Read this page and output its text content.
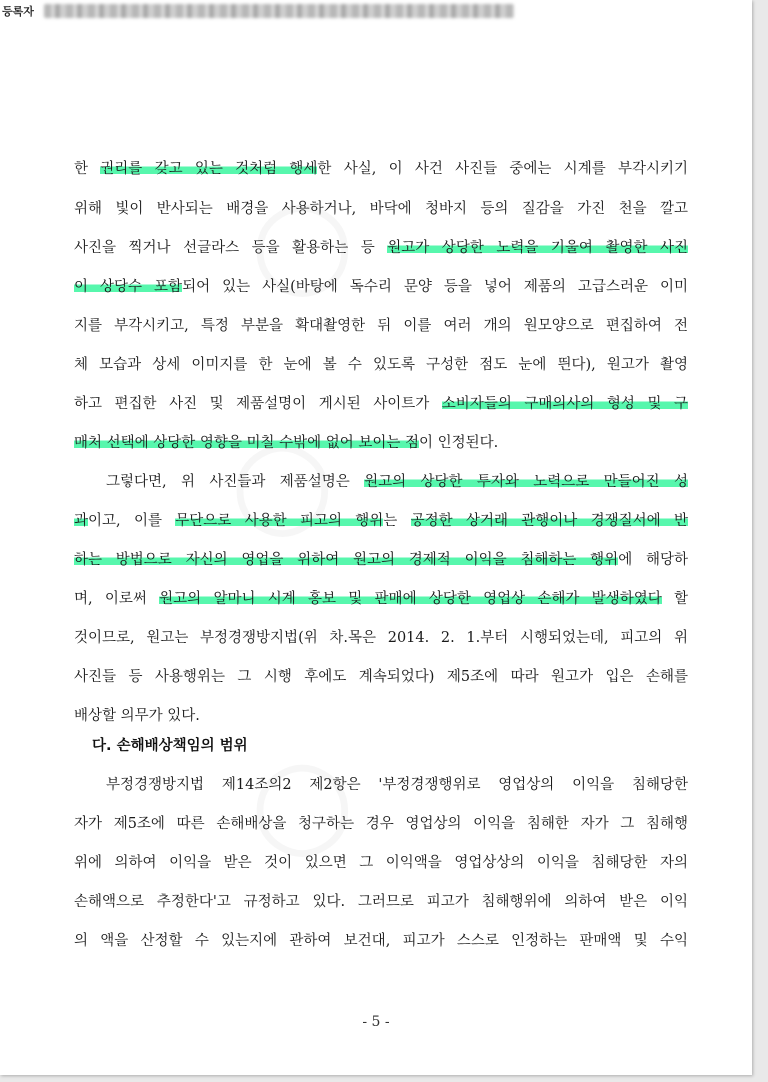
등록자
한 권리를 갖고 있는 것처럼 행세한 사실, 이 사건 사진들 중에는 시계를 부각시키기
위해 빛이 반사되는 배경을 사용하거나, 바닥에 청바지 등의 질감을 가진 천을 깔고
사진을 찍거나 선글라스 등을 활용하는 등 원고가 상당한 노력을 기울여 촬영한 사진
이 상당수 포함되어 있는 사실(바탕에 독수리 문양 등을 넣어 제품의 고급스러운 이미
지를 부각시키고, 특정 부분을 확대촬영한 뒤 이를 여러 개의 원모양으로 편집하여 전
체 모습과 상세 이미지를 한 눈에 볼 수 있도록 구성한 점도 눈에 띈다), 원고가 촬영
하고 편집한 사진 및 제품설명이 게시된 사이트가 소비자들의 구매의사의 형성 및 구
매처 선택에 상당한 영향을 미칠 수밖에 없어 보이는 점이 인정된다.
그렇다면, 위 사진들과 제품설명은 원고의 상당한 투자와 노력으로 만들어진 성
과이고, 이를 무단으로 사용한 피고의 행위는 공정한 상거래 관행이나 경쟁질서에 반
하는 방법으로 자신의 영업을 위하여 원고의 경제적 이익을 침해하는 행위에 해당하
며, 이로써 원고의 알마니 시계 홍보 및 판매에 상당한 영업상 손해가 발생하였다 할
것이므로, 원고는 부정경쟁방지법(위 차.목은 2014. 2. 1.부터 시행되었는데, 피고의 위
사진들 등 사용행위는 그 시행 후에도 계속되었다) 제5조에 따라 원고가 입은 손해를
배상할 의무가 있다.
부정경쟁방지법 제14조의2 제2항은 '부정경쟁행위로 영업상의 이익을 침해당한
자가 제5조에 따른 손해배상을 청구하는 경우 영업상의 이익을 침해한 자가 그 침해행
위에 의하여 이익을 받은 것이 있으면 그 이익액을 영업상상의 이익을 침해당한 자의
손해액으로 추정한다'고 규정하고 있다. 그러므로 피고가 침해행위에 의하여 받은 이익
의 액을 산정할 수 있는지에 관하여 보건대, 피고가 스스로 인정하는 판매액 및 수익
다. 손해배상책임의 범위
- 5 -
